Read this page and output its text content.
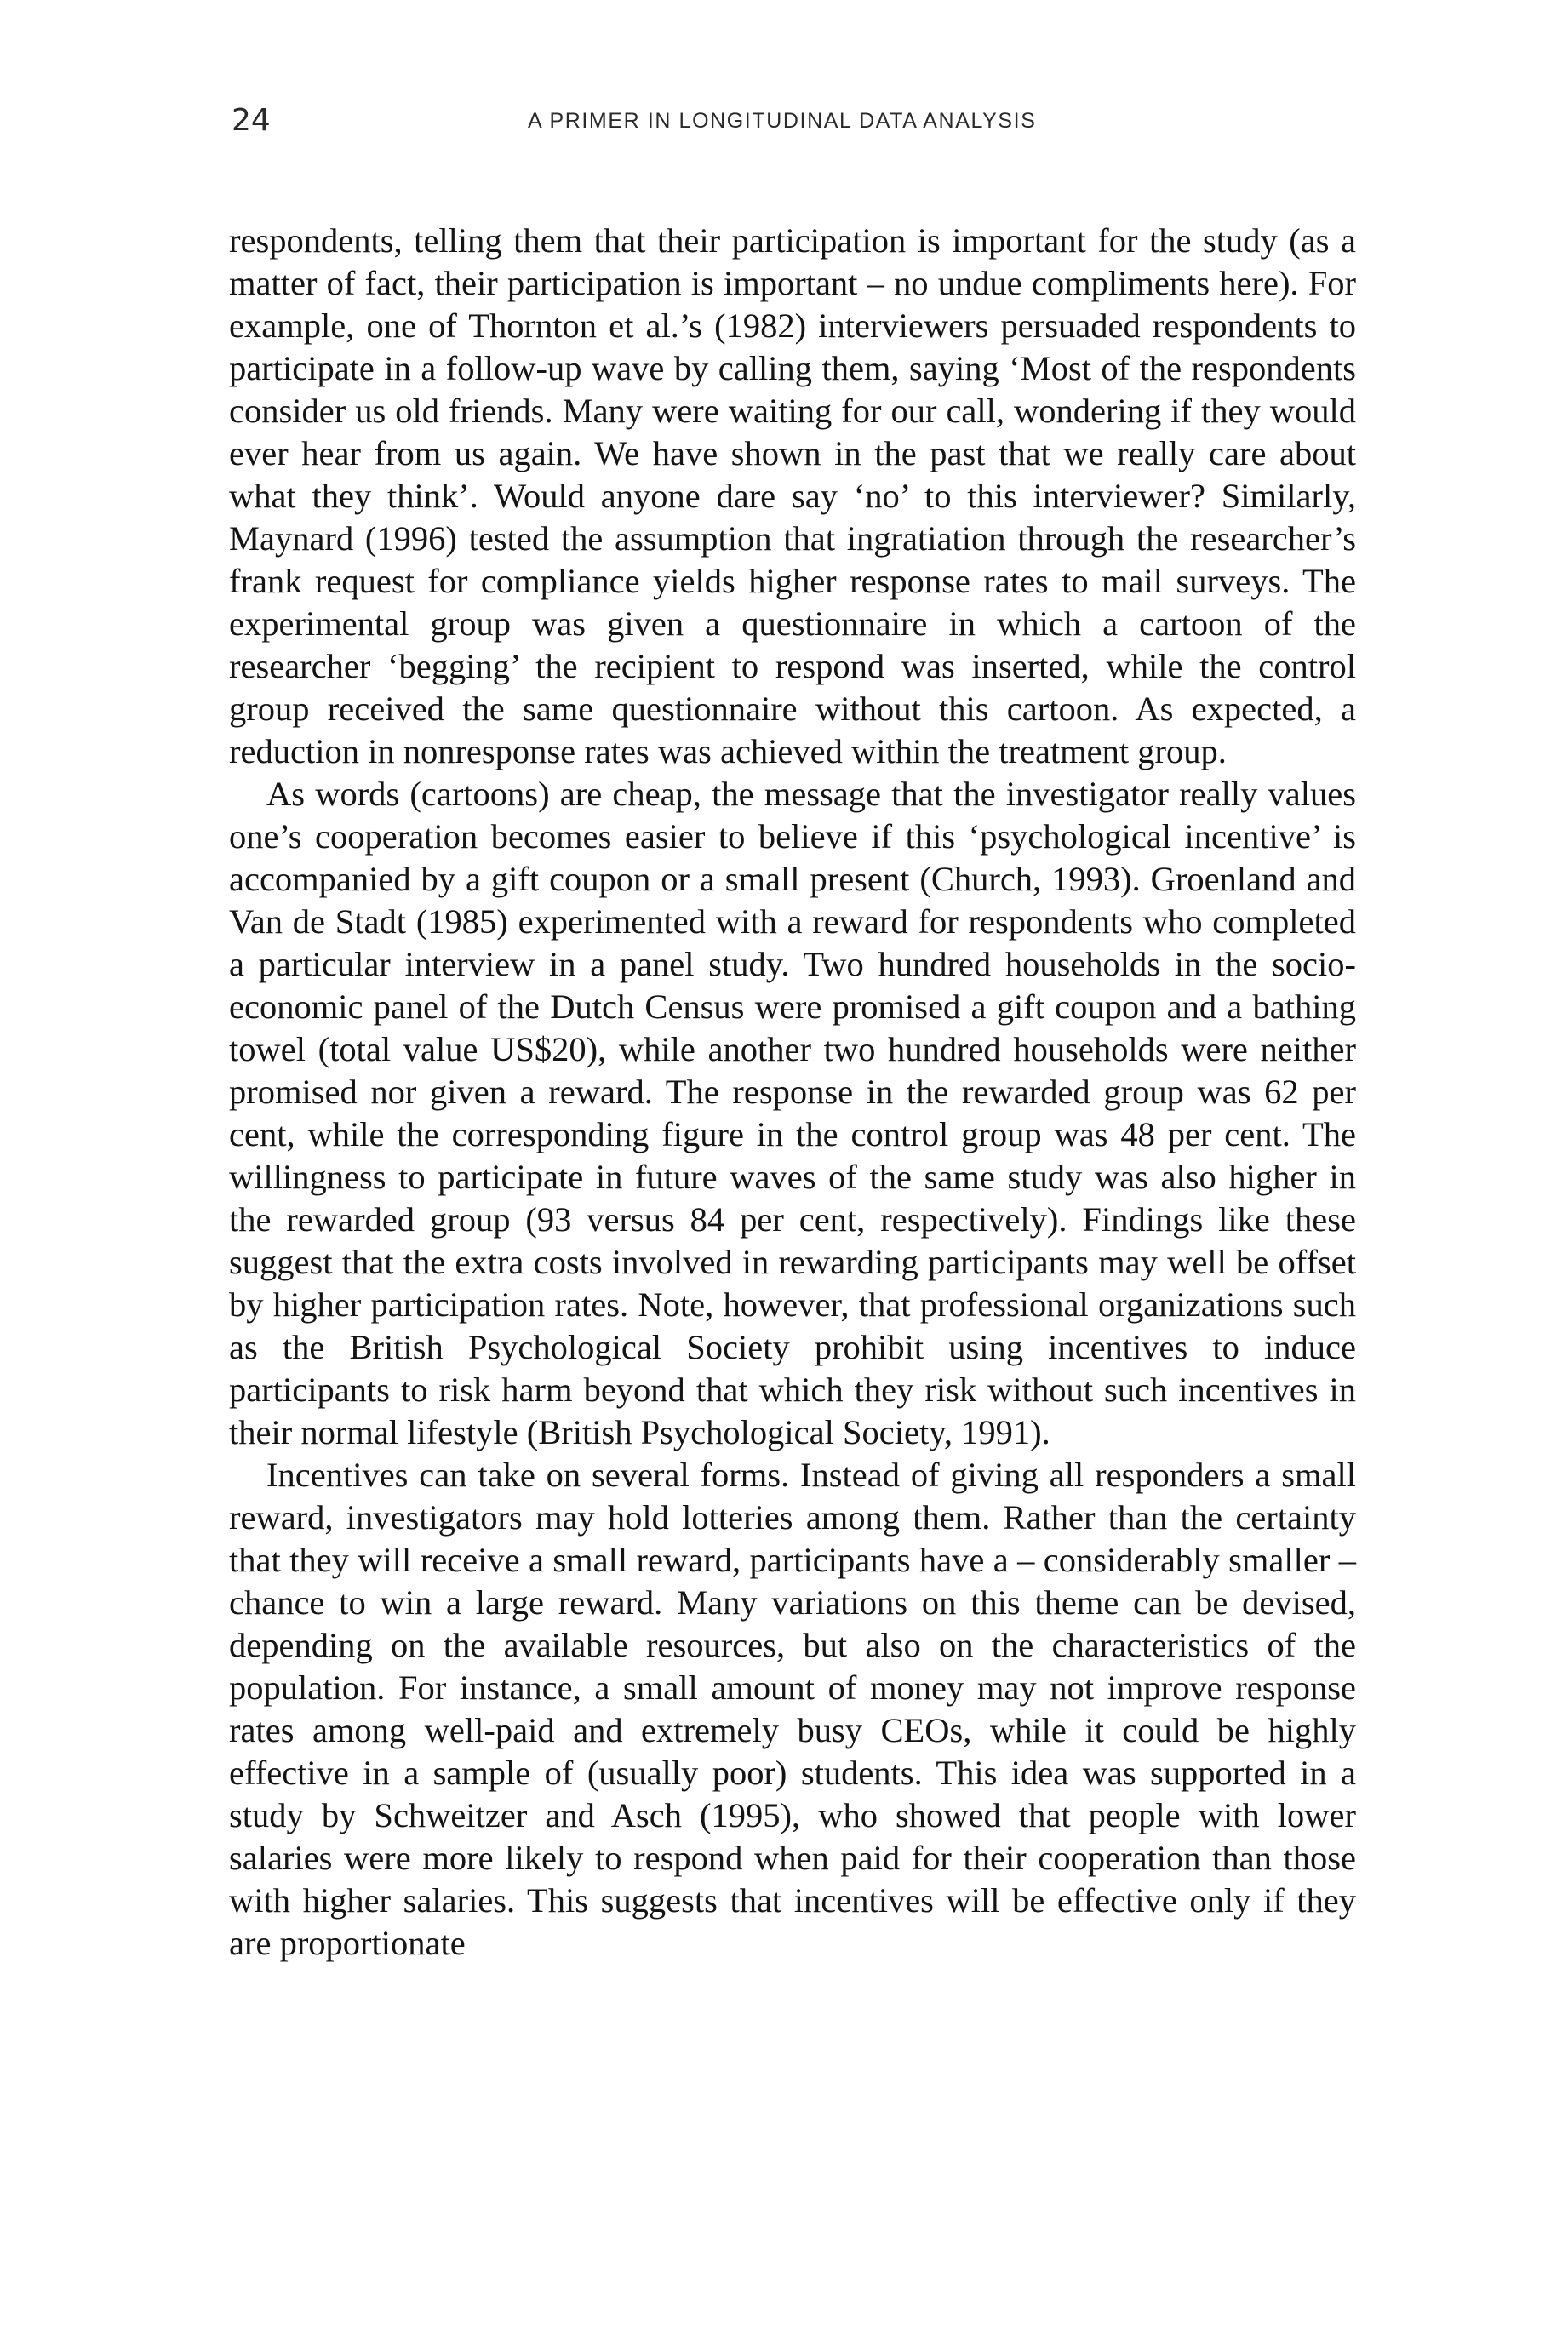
24	A PRIMER IN LONGITUDINAL DATA ANALYSIS

respondents, telling them that their participation is important for the study (as a matter of fact, their participation is important – no undue compliments here). For example, one of Thornton et al.’s (1982) interviewers persuaded respondents to participate in a follow-up wave by calling them, saying ‘Most of the respondents consider us old friends. Many were waiting for our call, wondering if they would ever hear from us again. We have shown in the past that we really care about what they think’. Would anyone dare say ‘no’ to this interviewer? Similarly, Maynard (1996) tested the assumption that ingratiation through the researcher’s frank request for compliance yields higher response rates to mail surveys. The experimental group was given a questionnaire in which a cartoon of the researcher ‘begging’ the recipient to respond was inserted, while the control group received the same questionnaire without this cartoon. As expected, a reduction in nonresponse rates was achieved within the treatment group.

As words (cartoons) are cheap, the message that the investigator really values one’s cooperation becomes easier to believe if this ‘psychological incentive’ is accompanied by a gift coupon or a small present (Church, 1993). Groenland and Van de Stadt (1985) experimented with a reward for respondents who completed a particular interview in a panel study. Two hundred households in the socio-economic panel of the Dutch Census were promised a gift coupon and a bathing towel (total value US$20), while another two hundred households were neither promised nor given a reward. The response in the rewarded group was 62 per cent, while the corresponding figure in the control group was 48 per cent. The willingness to participate in future waves of the same study was also higher in the rewarded group (93 versus 84 per cent, respectively). Findings like these suggest that the extra costs involved in rewarding participants may well be offset by higher participation rates. Note, however, that professional organizations such as the British Psychological Society prohibit using incentives to induce participants to risk harm beyond that which they risk without such incentives in their normal lifestyle (British Psychological Society, 1991).

Incentives can take on several forms. Instead of giving all responders a small reward, investigators may hold lotteries among them. Rather than the certainty that they will receive a small reward, participants have a – considerably smaller – chance to win a large reward. Many variations on this theme can be devised, depending on the available resources, but also on the characteristics of the population. For instance, a small amount of money may not improve response rates among well-paid and extremely busy CEOs, while it could be highly effective in a sample of (usually poor) students. This idea was supported in a study by Schweitzer and Asch (1995), who showed that people with lower salaries were more likely to respond when paid for their cooperation than those with higher salaries. This suggests that incentives will be effective only if they are proportionate
